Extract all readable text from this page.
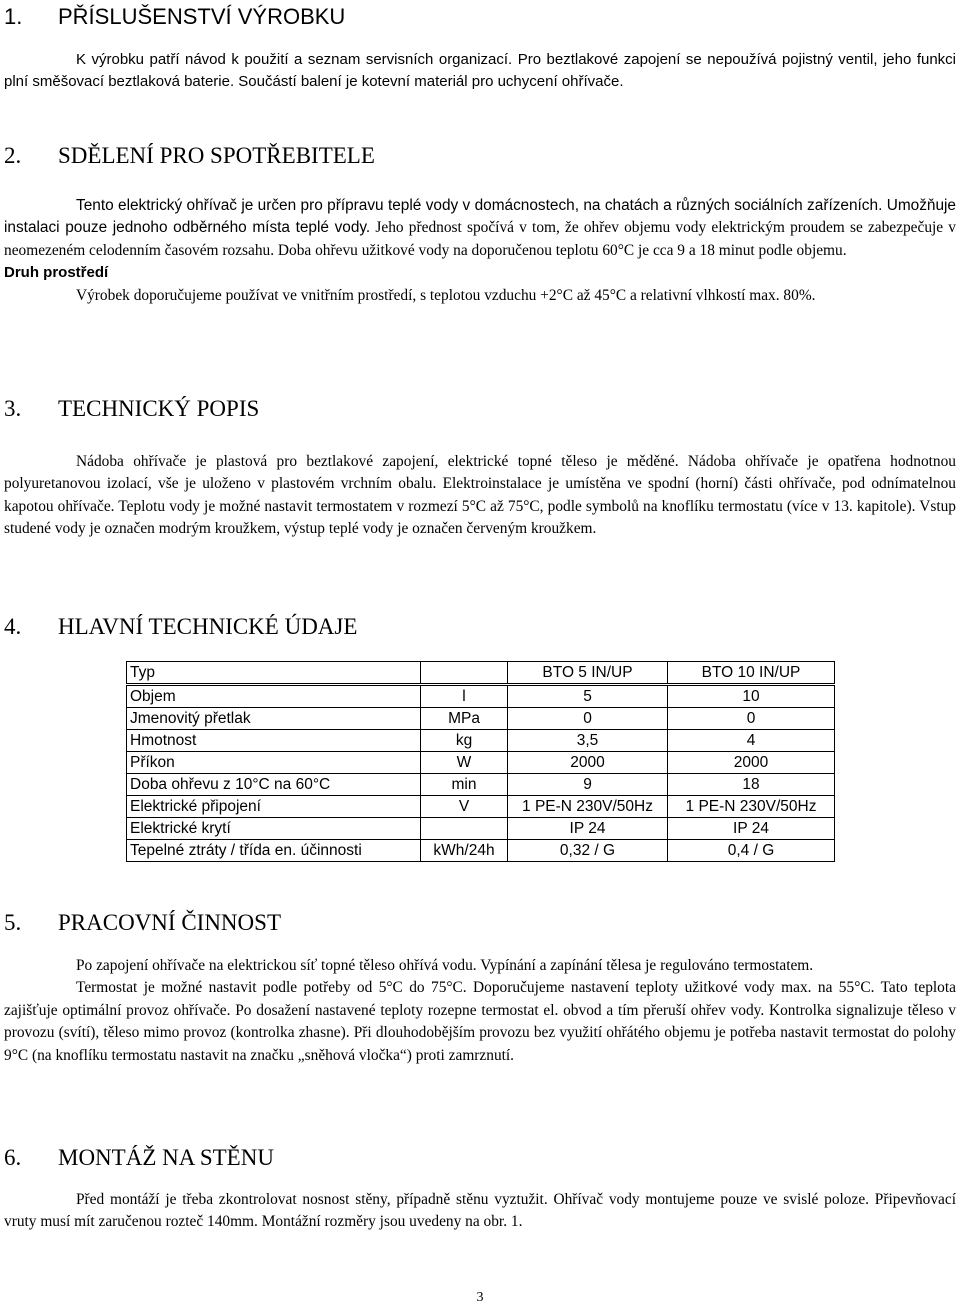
1. PŘÍSLUŠENSTVÍ VÝROBKU

K výrobku patří návod k použití a seznam servisních organizací. Pro beztlakové zapojení se nepoužívá pojistný ventil, jeho funkci plní směšovací beztlaková baterie. Součástí balení je kotevní materiál pro uchycení ohřívače.

2. SDĚLENÍ PRO SPOTŘEBITELE

Tento elektrický ohřívač je určen pro přípravu teplé vody v domácnostech, na chatách a různých sociálních zařízeních. Umožňuje instalaci pouze jednoho odběrného místa teplé vody. Jeho přednost spočívá v tom, že ohřev objemu vody elektrickým proudem se zabezpečuje v neomezeném celodenním časovém rozsahu. Doba ohřevu užitkové vody na doporučenou teplotu 60°C je cca 9 a 18 minut podle objemu.

Druh prostředí

Výrobek doporučujeme používat ve vnitřním prostředí, s teplotou vzduchu +2°C až 45°C a relativní vlhkostí max. 80%.

3. TECHNICKÝ POPIS

Nádoba ohřívače je plastová pro beztlakové zapojení, elektrické topné těleso je měděné. Nádoba ohřívače je opatřena hodnotnou polyuretanovou izolací, vše je uloženo v plastovém vrchním obalu. Elektroinstalace je umístěna ve spodní (horní) části ohřívače, pod odnímatelnou kapotou ohřívače. Teplotu vody je možné nastavit termostatem v rozmezí 5°C až 75°C, podle symbolů na knoflíku termostatu (více v 13. kapitole). Vstup studené vody je označen modrým kroužkem, výstup teplé vody je označen červeným kroužkem.

4. HLAVNÍ TECHNICKÉ ÚDAJE
Typ		BTO 5 IN/UP	BTO 10 IN/UP
Objem	l	5	10
Jmenovitý přetlak	MPa	0	0
Hmotnost	kg	3,5	4
Příkon	W	2000	2000
Doba ohřevu z 10°C na 60°C	min	9	18
Elektrické připojení	V	1 PE-N 230V/50Hz	1 PE-N 230V/50Hz
Elektrické krytí		IP 24	IP 24
Tepelné ztráty / třída en. účinnosti	kWh/24h	0,32 / G	0,4 / G
5. PRACOVNÍ ČINNOST

Po zapojení ohřívače na elektrickou síť topné těleso ohřívá vodu. Vypínání a zapínání tělesa je regulováno termostatem.

Termostat je možné nastavit podle potřeby od 5°C do 75°C. Doporučujeme nastavení teploty užitkové vody max. na 55°C. Tato teplota zajišťuje optimální provoz ohřívače. Po dosažení nastavené teploty rozepne termostat el. obvod a tím přeruší ohřev vody. Kontrolka signalizuje těleso v provozu (svítí), těleso mimo provoz (kontrolka zhasne). Při dlouhodobějším provozu bez využití ohřátého objemu je potřeba nastavit termostat do polohy 9°C (na knoflíku termostatu nastavit na značku „sněhová vločka“) proti zamrznutí.

6. MONTÁŽ NA STĚNU

Před montáží je třeba zkontrolovat nosnost stěny, případně stěnu vyztužit. Ohřívač vody montujeme pouze ve svislé poloze. Připevňovací vruty musí mít zaručenou rozteč 140mm. Montážní rozměry jsou uvedeny na obr. 1.

3
